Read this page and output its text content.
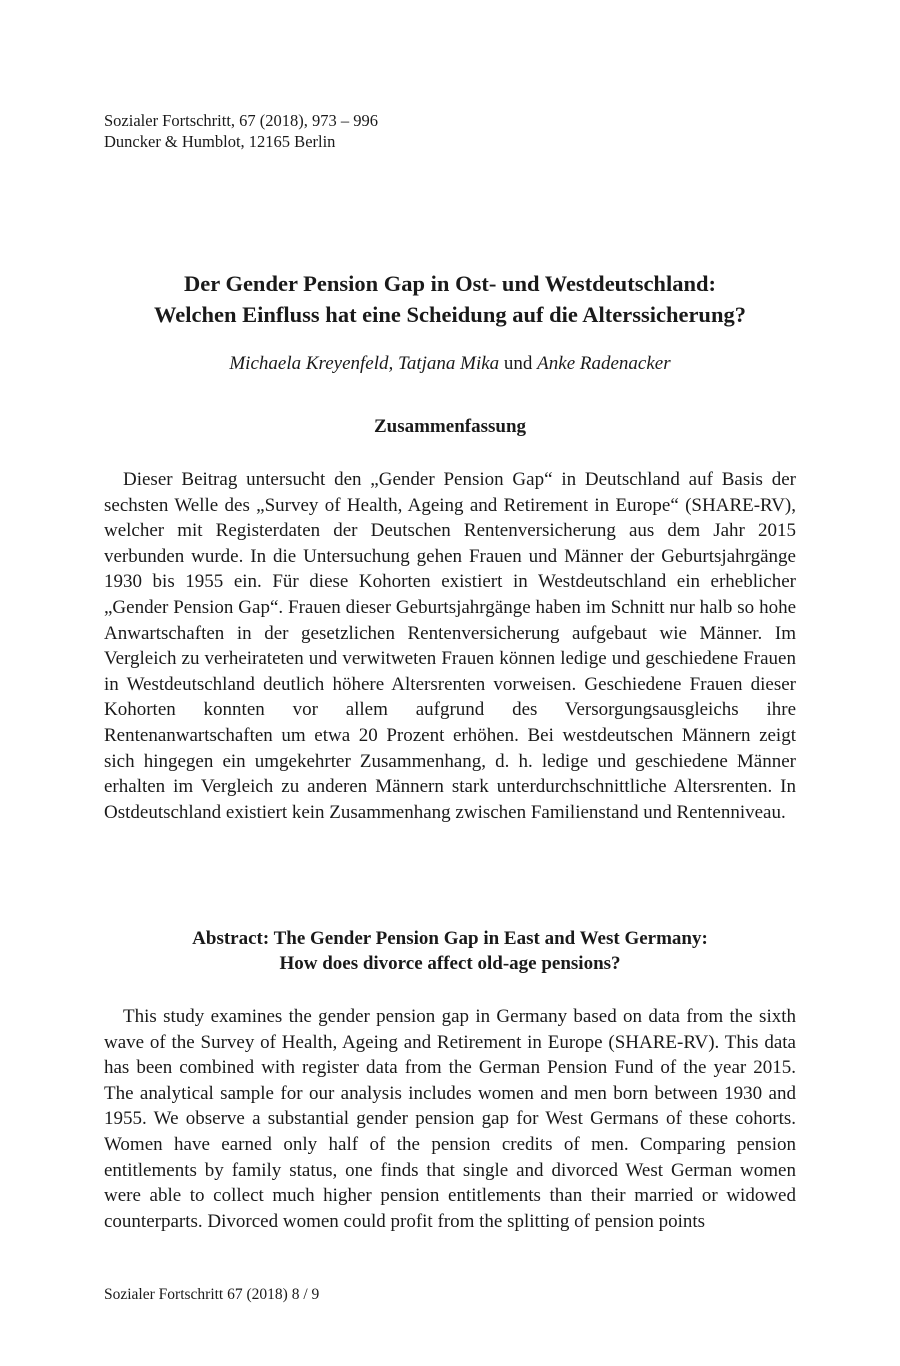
Sozialer Fortschritt, 67 (2018), 973 – 996
Duncker & Humblot, 12165 Berlin
Der Gender Pension Gap in Ost- und Westdeutschland:
Welchen Einfluss hat eine Scheidung auf die Alterssicherung?
Michaela Kreyenfeld, Tatjana Mika und Anke Radenacker
Zusammenfassung

Dieser Beitrag untersucht den „Gender Pension Gap“ in Deutschland auf Basis der sechsten Welle des „Survey of Health, Ageing and Retirement in Europe“ (SHARE-RV), welcher mit Registerdaten der Deutschen Rentenversicherung aus dem Jahr 2015 verbunden wurde. In die Untersuchung gehen Frauen und Männer der Geburtsjahrgänge 1930 bis 1955 ein. Für diese Kohorten existiert in Westdeutschland ein erheblicher „Gender Pension Gap“. Frauen dieser Geburtsjahrgänge haben im Schnitt nur halb so hohe Anwartschaften in der gesetzlichen Rentenversicherung aufgebaut wie Männer. Im Vergleich zu verheirateten und verwitweten Frauen können ledige und geschiedene Frauen in Westdeutschland deutlich höhere Altersrenten vorweisen. Geschiedene Frauen dieser Kohorten konnten vor allem aufgrund des Versorgungsausgleichs ihre Rentenanwartschaften um etwa 20 Prozent erhöhen. Bei westdeutschen Männern zeigt sich hingegen ein umgekehrter Zusammenhang, d. h. ledige und geschiedene Männer erhalten im Vergleich zu anderen Männern stark unterdurchschnittliche Altersrenten. In Ostdeutschland existiert kein Zusammenhang zwischen Familienstand und Rentenniveau.

Abstract: The Gender Pension Gap in East and West Germany:
How does divorce affect old-age pensions?

This study examines the gender pension gap in Germany based on data from the sixth wave of the Survey of Health, Ageing and Retirement in Europe (SHARE-RV). This data has been combined with register data from the German Pension Fund of the year 2015. The analytical sample for our analysis includes women and men born between 1930 and 1955. We observe a substantial gender pension gap for West Germans of these cohorts. Women have earned only half of the pension credits of men. Comparing pension entitlements by family status, one finds that single and divorced West German women were able to collect much higher pension entitlements than their married or widowed counterparts. Divorced women could profit from the splitting of pension points

Sozialer Fortschritt 67 (2018) 8 / 9
